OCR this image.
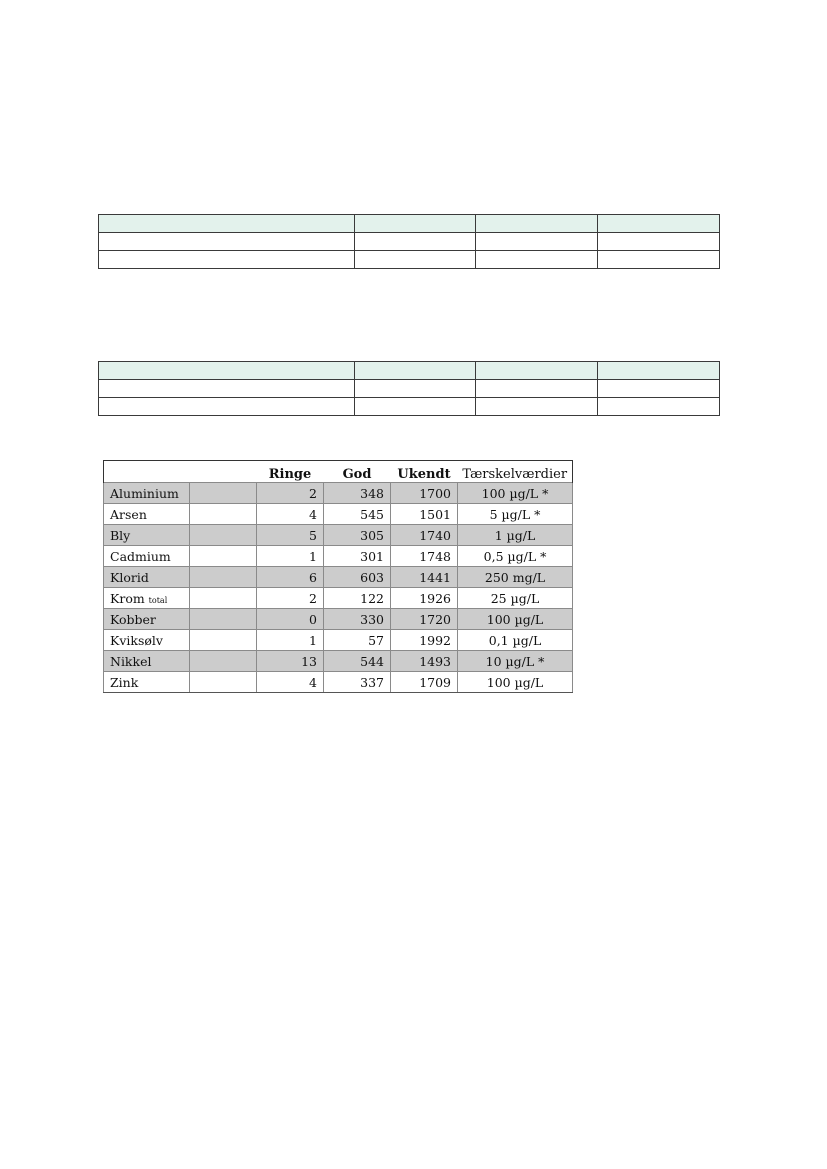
		Ringe	God	Ukendt	Tærskelværdier
Aluminium		2	348	1700	100 µg/L *
Arsen		4	545	1501	5 µg/L *
Bly		5	305	1740	1 µg/L
Cadmium		1	301	1748	0,5 µg/L *
Klorid		6	603	1441	250 mg/L
Krom total		2	122	1926	25 µg/L
Kobber		0	330	1720	100 µg/L
Kviksølv		1	57	1992	0,1 µg/L
Nikkel		13	544	1493	10 µg/L *
Zink		4	337	1709	100 µg/L
